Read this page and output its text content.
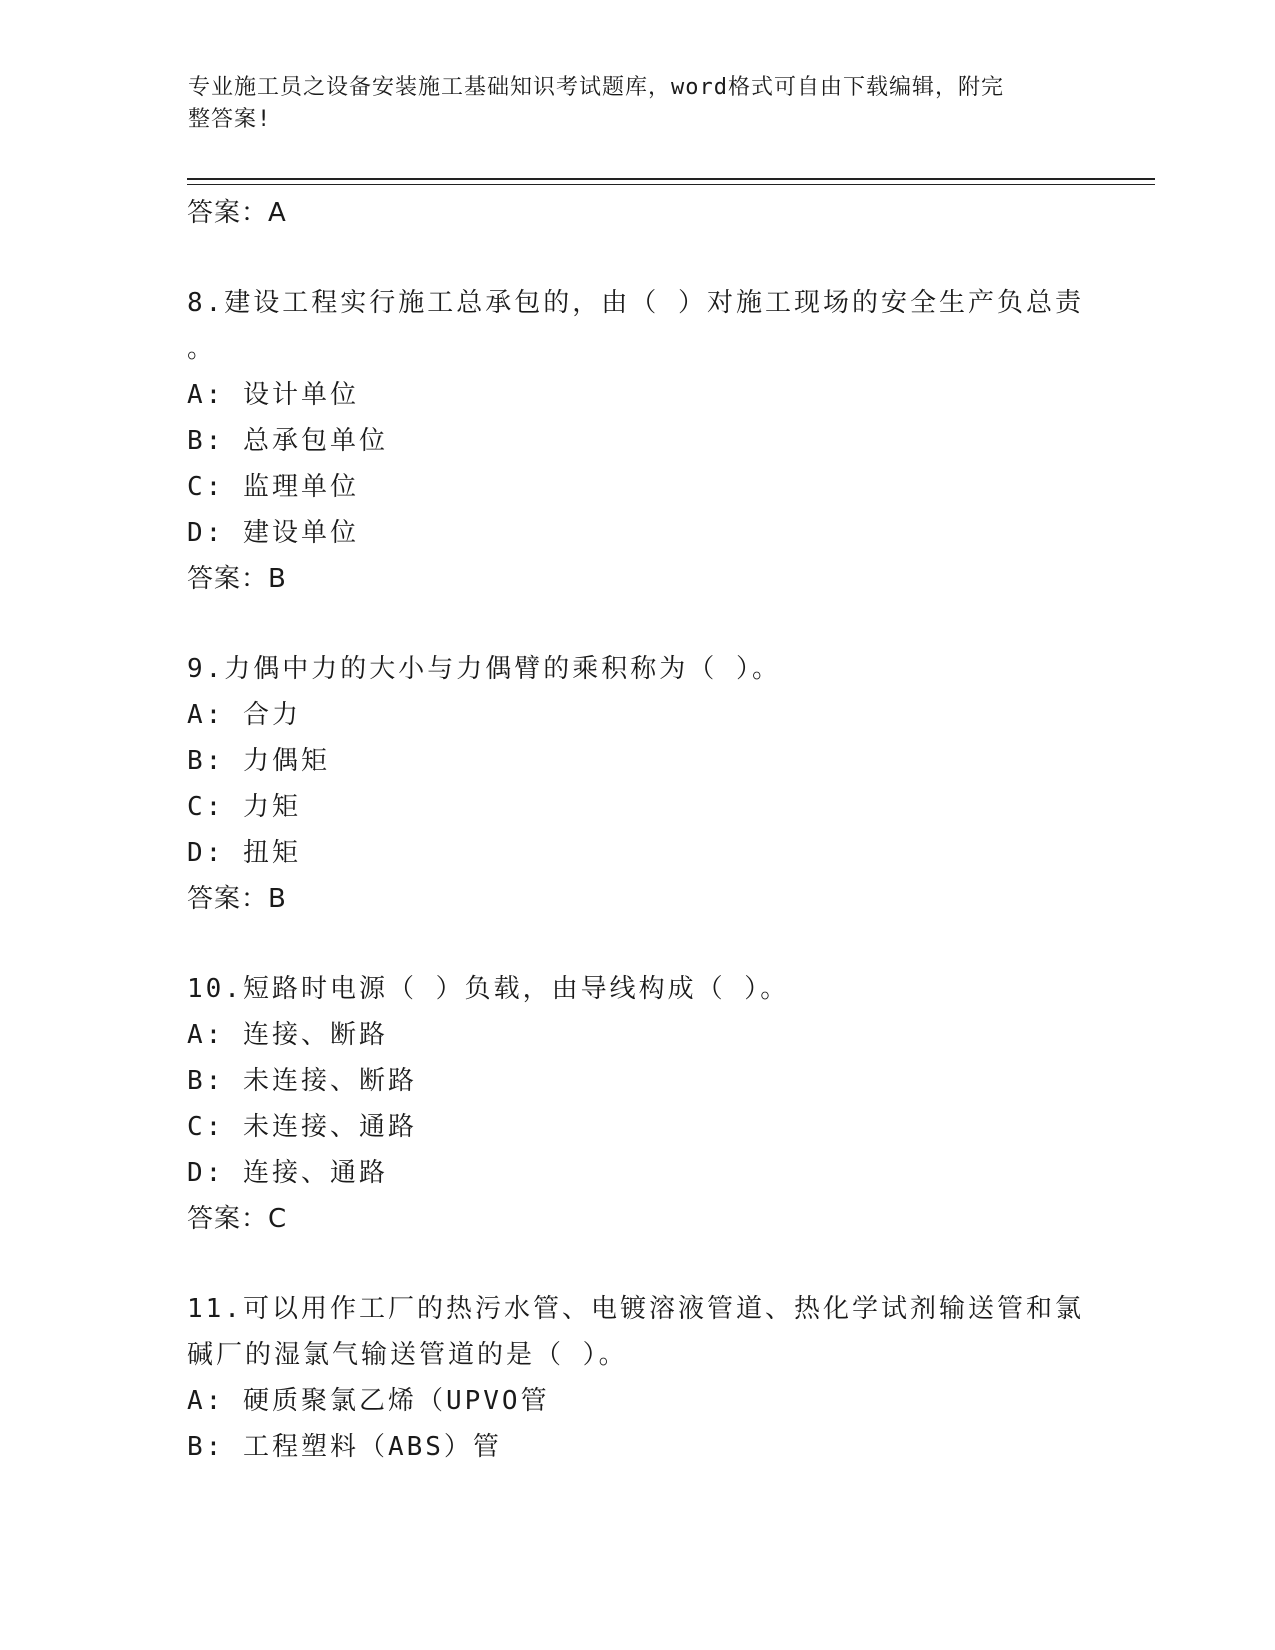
专业施工员之设备安装施工基础知识考试题库，word格式可自由下载编辑，附完
整答案!
答案：A
8.建设工程实行施工总承包的，由（ ）对施工现场的安全生产负总责
。
A: 设计单位
B: 总承包单位
C: 监理单位
D: 建设单位
答案：B
9.力偶中力的大小与力偶臂的乘积称为（ ）。
A: 合力
B: 力偶矩
C: 力矩
D: 扭矩
答案：B
10.短路时电源（ ）负载，由导线构成（ ）。
A: 连接、断路
B: 未连接、断路
C: 未连接、通路
D: 连接、通路
答案：C
11.可以用作工厂的热污水管、电镀溶液管道、热化学试剂输送管和氯
碱厂的湿氯气输送管道的是（ ）。
A: 硬质聚氯乙烯（UPVO管
B: 工程塑料（ABS）管
